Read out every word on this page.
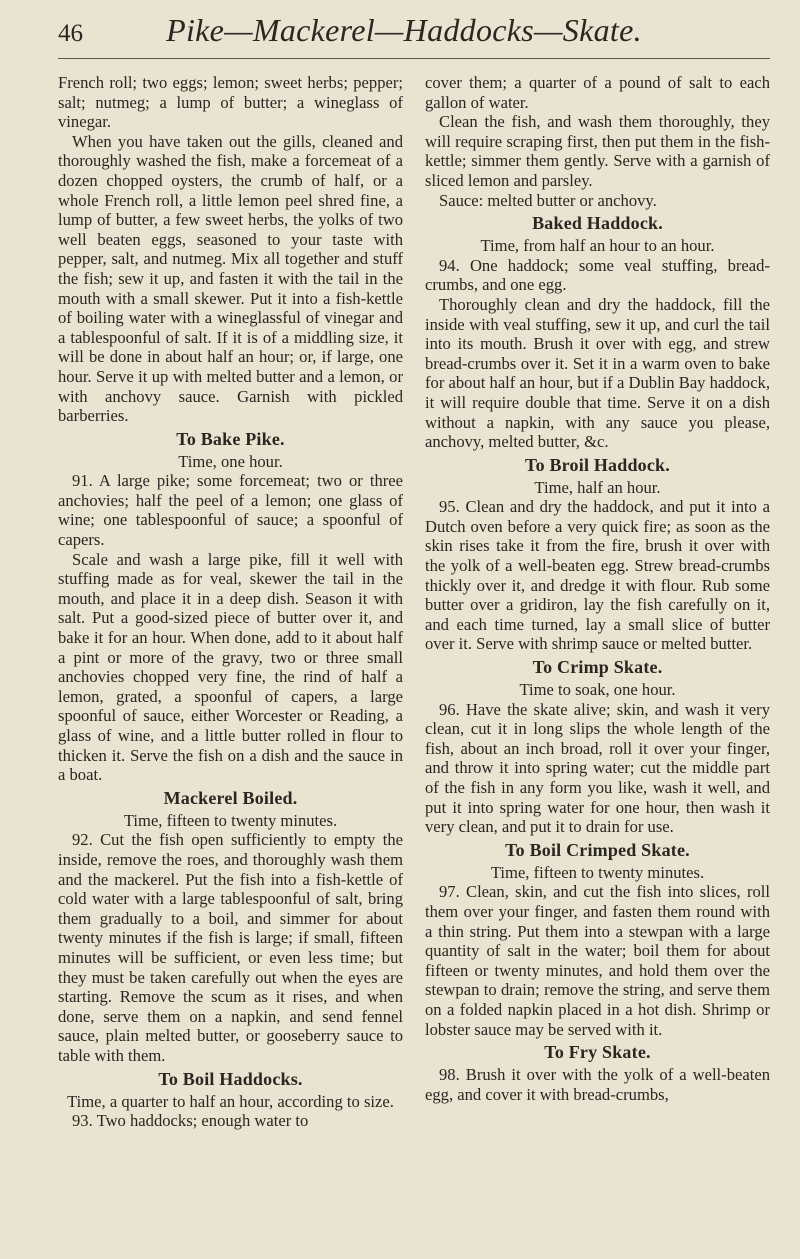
46	Pike—Mackerel—Haddocks—Skate.

French roll; two eggs; lemon; sweet herbs; pepper; salt; nutmeg; a lump of butter; a wineglass of vinegar.

When you have taken out the gills, cleaned and thoroughly washed the fish, make a forcemeat of a dozen chopped oysters, the crumb of half, or a whole French roll, a little lemon peel shred fine, a lump of butter, a few sweet herbs, the yolks of two well beaten eggs, seasoned to your taste with pepper, salt, and nutmeg. Mix all together and stuff the fish; sew it up, and fasten it with the tail in the mouth with a small skewer. Put it into a fish-kettle of boiling water with a wineglassful of vinegar and a tablespoonful of salt. If it is of a middling size, it will be done in about half an hour; or, if large, one hour. Serve it up with melted butter and a lemon, or with anchovy sauce. Garnish with pickled barberries.

To Bake Pike.

Time, one hour.

91. A large pike; some forcemeat; two or three anchovies; half the peel of a lemon; one glass of wine; one tablespoonful of sauce; a spoonful of capers.

Scale and wash a large pike, fill it well with stuffing made as for veal, skewer the tail in the mouth, and place it in a deep dish. Season it with salt. Put a good-sized piece of butter over it, and bake it for an hour. When done, add to it about half a pint or more of the gravy, two or three small anchovies chopped very fine, the rind of half a lemon, grated, a spoonful of capers, a large spoonful of sauce, either Worcester or Reading, a glass of wine, and a little butter rolled in flour to thicken it. Serve the fish on a dish and the sauce in a boat.

Mackerel Boiled.

Time, fifteen to twenty minutes.

92. Cut the fish open sufficiently to empty the inside, remove the roes, and thoroughly wash them and the mackerel. Put the fish into a fish-kettle of cold water with a large tablespoonful of salt, bring them gradually to a boil, and simmer for about twenty minutes if the fish is large; if small, fifteen minutes will be sufficient, or even less time; but they must be taken carefully out when the eyes are starting. Remove the scum as it rises, and when done, serve them on a napkin, and send fennel sauce, plain melted butter, or gooseberry sauce to table with them.

To Boil Haddocks.

Time, a quarter to half an hour, according to size.

93. Two haddocks; enough water to

cover them; a quarter of a pound of salt to each gallon of water.

Clean the fish, and wash them thoroughly, they will require scraping first, then put them in the fish-kettle; simmer them gently. Serve with a garnish of sliced lemon and parsley.

Sauce: melted butter or anchovy.

Baked Haddock.

Time, from half an hour to an hour.

94. One haddock; some veal stuffing, bread-crumbs, and one egg.

Thoroughly clean and dry the haddock, fill the inside with veal stuffing, sew it up, and curl the tail into its mouth. Brush it over with egg, and strew bread-crumbs over it. Set it in a warm oven to bake for about half an hour, but if a Dublin Bay haddock, it will require double that time. Serve it on a dish without a napkin, with any sauce you please, anchovy, melted butter, &c.

To Broil Haddock.

Time, half an hour.

95. Clean and dry the haddock, and put it into a Dutch oven before a very quick fire; as soon as the skin rises take it from the fire, brush it over with the yolk of a well-beaten egg. Strew bread-crumbs thickly over it, and dredge it with flour. Rub some butter over a gridiron, lay the fish carefully on it, and each time turned, lay a small slice of butter over it. Serve with shrimp sauce or melted butter.

To Crimp Skate.

Time to soak, one hour.

96. Have the skate alive; skin, and wash it very clean, cut it in long slips the whole length of the fish, about an inch broad, roll it over your finger, and throw it into spring water; cut the middle part of the fish in any form you like, wash it well, and put it into spring water for one hour, then wash it very clean, and put it to drain for use.

To Boil Crimped Skate.

Time, fifteen to twenty minutes.

97. Clean, skin, and cut the fish into slices, roll them over your finger, and fasten them round with a thin string. Put them into a stewpan with a large quantity of salt in the water; boil them for about fifteen or twenty minutes, and hold them over the stewpan to drain; remove the string, and serve them on a folded napkin placed in a hot dish. Shrimp or lobster sauce may be served with it.

To Fry Skate.

98. Brush it over with the yolk of a well-beaten egg, and cover it with bread-crumbs,
